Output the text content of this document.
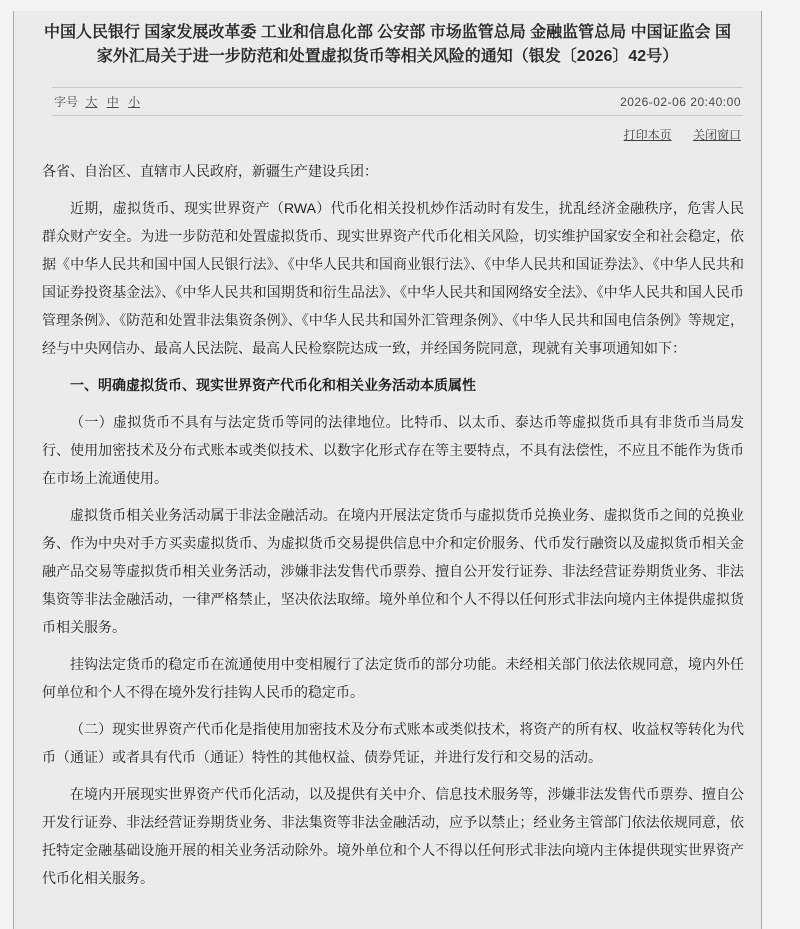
中国人民银行 国家发展改革委 工业和信息化部 公安部 市场监管总局 金融监管总局 中国证监会 国家外汇局关于进一步防范和处置虚拟货币等相关风险的通知（银发〔2026〕42号）
字号 大 中 小	2026-02-06 20:40:00
打印本页 关闭窗口

各省、自治区、直辖市人民政府，新疆生产建设兵团：

近期，虚拟货币、现实世界资产（RWA）代币化相关投机炒作活动时有发生，扰乱经济金融秩序，危害人民群众财产安全。为进一步防范和处置虚拟货币、现实世界资产代币化相关风险，切实维护国家安全和社会稳定，依据《中华人民共和国中国人民银行法》、《中华人民共和国商业银行法》、《中华人民共和国证券法》、《中华人民共和国证券投资基金法》、《中华人民共和国期货和衍生品法》、《中华人民共和国网络安全法》、《中华人民共和国人民币管理条例》、《防范和处置非法集资条例》、《中华人民共和国外汇管理条例》、《中华人民共和国电信条例》等规定，经与中央网信办、最高人民法院、最高人民检察院达成一致，并经国务院同意，现就有关事项通知如下：

一、明确虚拟货币、现实世界资产代币化和相关业务活动本质属性

（一）虚拟货币不具有与法定货币等同的法律地位。比特币、以太币、泰达币等虚拟货币具有非货币当局发行、使用加密技术及分布式账本或类似技术、以数字化形式存在等主要特点，不具有法偿性，不应且不能作为货币在市场上流通使用。

虚拟货币相关业务活动属于非法金融活动。在境内开展法定货币与虚拟货币兑换业务、虚拟货币之间的兑换业务、作为中央对手方买卖虚拟货币、为虚拟货币交易提供信息中介和定价服务、代币发行融资以及虚拟货币相关金融产品交易等虚拟货币相关业务活动，涉嫌非法发售代币票券、擅自公开发行证券、非法经营证券期货业务、非法集资等非法金融活动，一律严格禁止，坚决依法取缔。境外单位和个人不得以任何形式非法向境内主体提供虚拟货币相关服务。

挂钩法定货币的稳定币在流通使用中变相履行了法定货币的部分功能。未经相关部门依法依规同意，境内外任何单位和个人不得在境外发行挂钩人民币的稳定币。

（二）现实世界资产代币化是指使用加密技术及分布式账本或类似技术，将资产的所有权、收益权等转化为代币（通证）或者具有代币（通证）特性的其他权益、债券凭证，并进行发行和交易的活动。

在境内开展现实世界资产代币化活动，以及提供有关中介、信息技术服务等，涉嫌非法发售代币票券、擅自公开发行证券、非法经营证券期货业务、非法集资等非法金融活动，应予以禁止；经业务主管部门依法依规同意，依托特定金融基础设施开展的相关业务活动除外。境外单位和个人不得以任何形式非法向境内主体提供现实世界资产代币化相关服务。
